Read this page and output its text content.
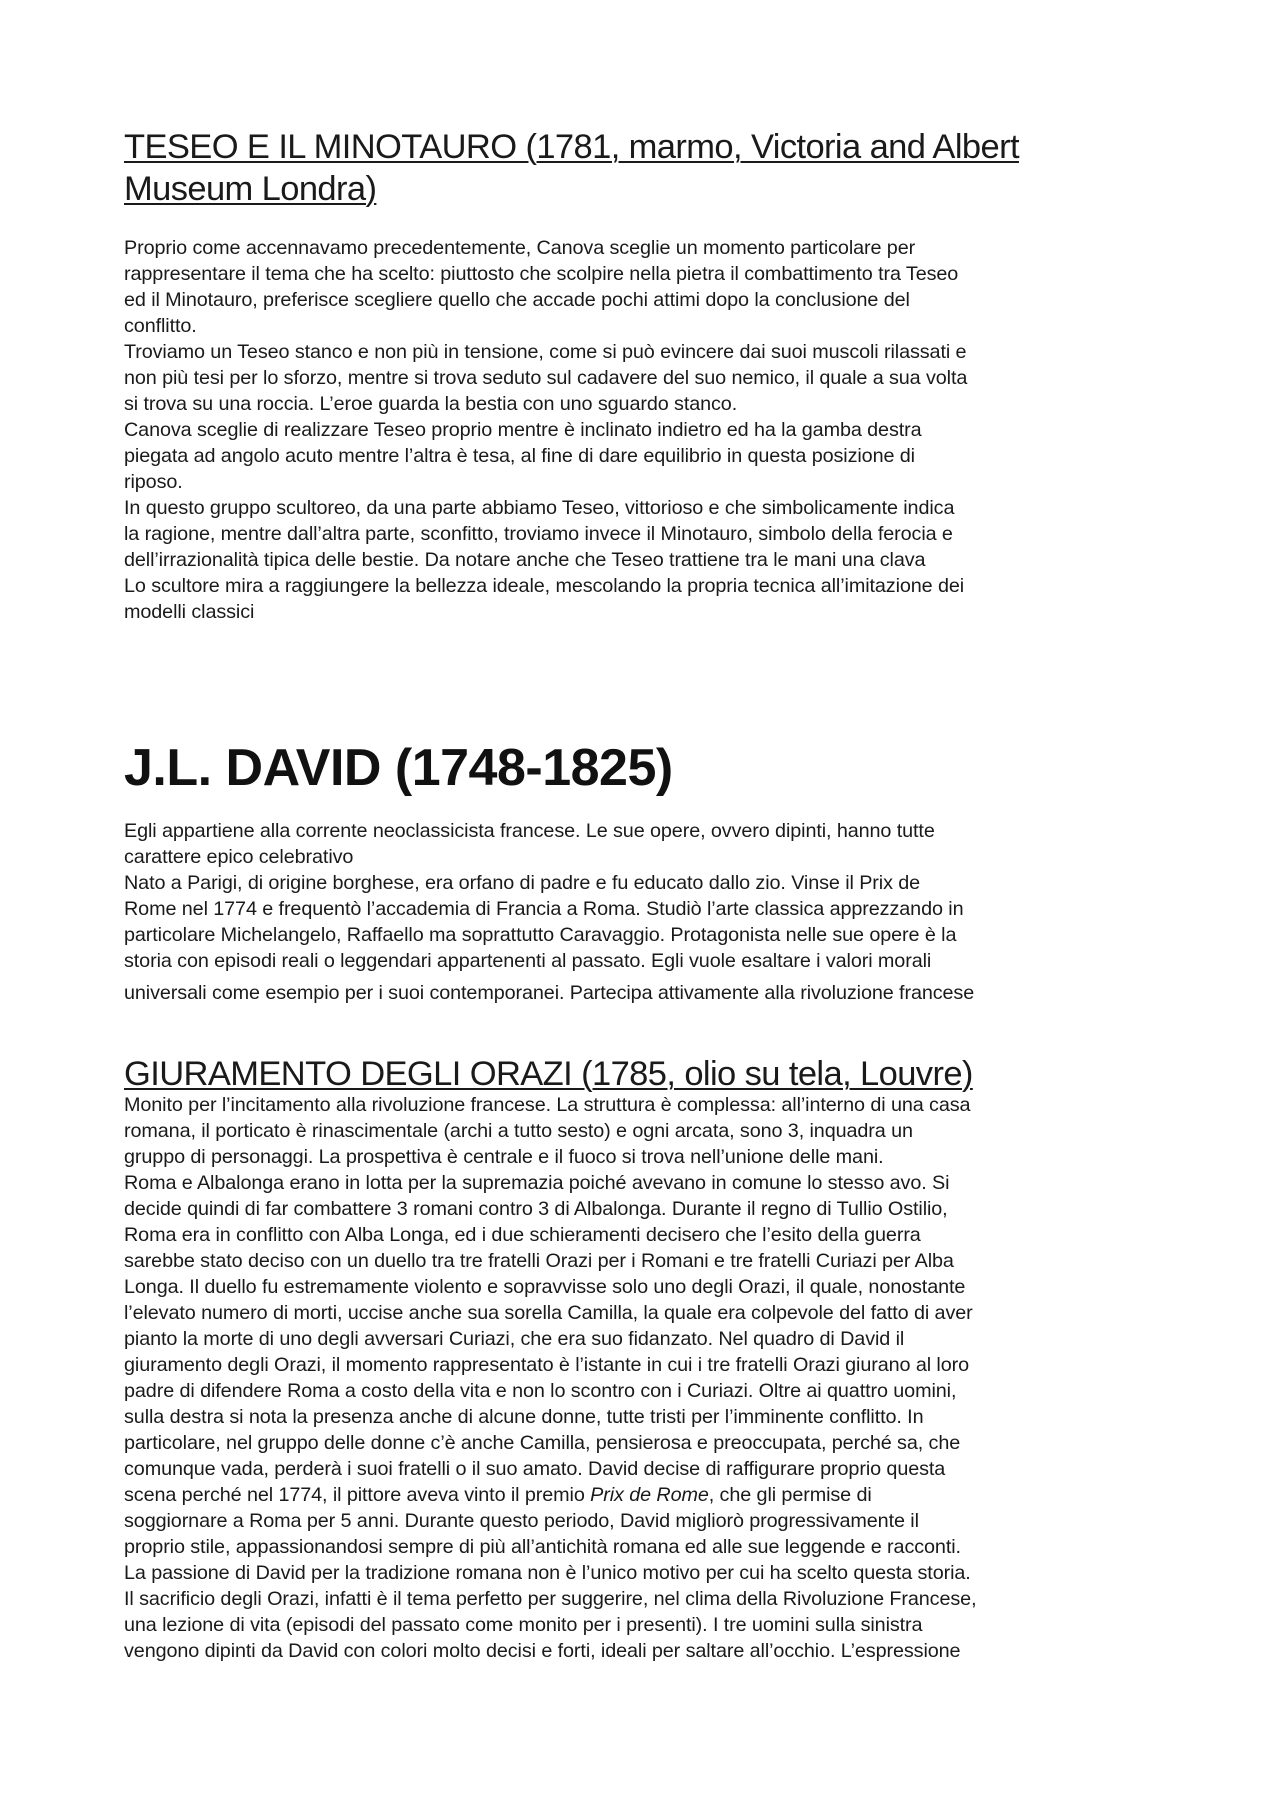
TESEO E IL MINOTAURO (1781, marmo, Victoria and Albert
Museum Londra)

Proprio come accennavamo precedentemente, Canova sceglie un momento particolare per

rappresentare il tema che ha scelto: piuttosto che scolpire nella pietra il combattimento tra Teseo

ed il Minotauro, preferisce scegliere quello che accade pochi attimi dopo la conclusione del

conflitto.

Troviamo un Teseo stanco e non più in tensione, come si può evincere dai suoi muscoli rilassati e

non più tesi per lo sforzo, mentre si trova seduto sul cadavere del suo nemico, il quale a sua volta

si trova su una roccia. L’eroe guarda la bestia con uno sguardo stanco.

Canova sceglie di realizzare Teseo proprio mentre è inclinato indietro ed ha la gamba destra

piegata ad angolo acuto mentre l’altra è tesa, al fine di dare equilibrio in questa posizione di

riposo.

In questo gruppo scultoreo, da una parte abbiamo Teseo, vittorioso e che simbolicamente indica

la ragione, mentre dall’altra parte, sconfitto, troviamo invece il Minotauro, simbolo della ferocia e

dell’irrazionalità tipica delle bestie. Da notare anche che Teseo trattiene tra le mani una clava

Lo scultore mira a raggiungere la bellezza ideale, mescolando la propria tecnica all’imitazione dei

modelli classici

J.L. DAVID (1748-1825)

Egli appartiene alla corrente neoclassicista francese. Le sue opere, ovvero dipinti, hanno tutte

carattere epico celebrativo

Nato a Parigi, di origine borghese, era orfano di padre e fu educato dallo zio. Vinse il Prix de

Rome nel 1774 e frequentò l’accademia di Francia a Roma. Studiò l’arte classica apprezzando in

particolare Michelangelo, Raffaello ma soprattutto Caravaggio. Protagonista nelle sue opere è la

storia con episodi reali o leggendari appartenenti al passato. Egli vuole esaltare i valori morali

universali come esempio per i suoi contemporanei. Partecipa attivamente alla rivoluzione francese

GIURAMENTO DEGLI ORAZI (1785, olio su tela, Louvre)

Monito per l’incitamento alla rivoluzione francese. La struttura è complessa: all’interno di una casa

romana, il porticato è rinascimentale (archi a tutto sesto) e ogni arcata, sono 3, inquadra un

gruppo di personaggi. La prospettiva è centrale e il fuoco si trova nell’unione delle mani.

Roma e Albalonga erano in lotta per la supremazia poiché avevano in comune lo stesso avo. Si

decide quindi di far combattere 3 romani contro 3 di Albalonga. Durante il regno di Tullio Ostilio,

Roma era in conflitto con Alba Longa, ed i due schieramenti decisero che l’esito della guerra

sarebbe stato deciso con un duello tra tre fratelli Orazi per i Romani e tre fratelli Curiazi per Alba

Longa. Il duello fu estremamente violento e sopravvisse solo uno degli Orazi, il quale, nonostante

l’elevato numero di morti, uccise anche sua sorella Camilla, la quale era colpevole del fatto di aver

pianto la morte di uno degli avversari Curiazi, che era suo fidanzato. Nel quadro di David il

giuramento degli Orazi, il momento rappresentato è l’istante in cui i tre fratelli Orazi giurano al loro

padre di difendere Roma a costo della vita e non lo scontro con i Curiazi. Oltre ai quattro uomini,

sulla destra si nota la presenza anche di alcune donne, tutte tristi per l’imminente conflitto. In

particolare, nel gruppo delle donne c’è anche Camilla, pensierosa e preoccupata, perché sa, che

comunque vada, perderà i suoi fratelli o il suo amato. David decise di raffigurare proprio questa

scena perché nel 1774, il pittore aveva vinto il premio Prix de Rome, che gli permise di

soggiornare a Roma per 5 anni. Durante questo periodo, David migliorò progressivamente il

proprio stile, appassionandosi sempre di più all’antichità romana ed alle sue leggende e racconti.

La passione di David per la tradizione romana non è l’unico motivo per cui ha scelto questa storia.

Il sacrificio degli Orazi, infatti è il tema perfetto per suggerire, nel clima della Rivoluzione Francese,

una lezione di vita (episodi del passato come monito per i presenti). I tre uomini sulla sinistra

vengono dipinti da David con colori molto decisi e forti, ideali per saltare all’occhio. L’espressione
